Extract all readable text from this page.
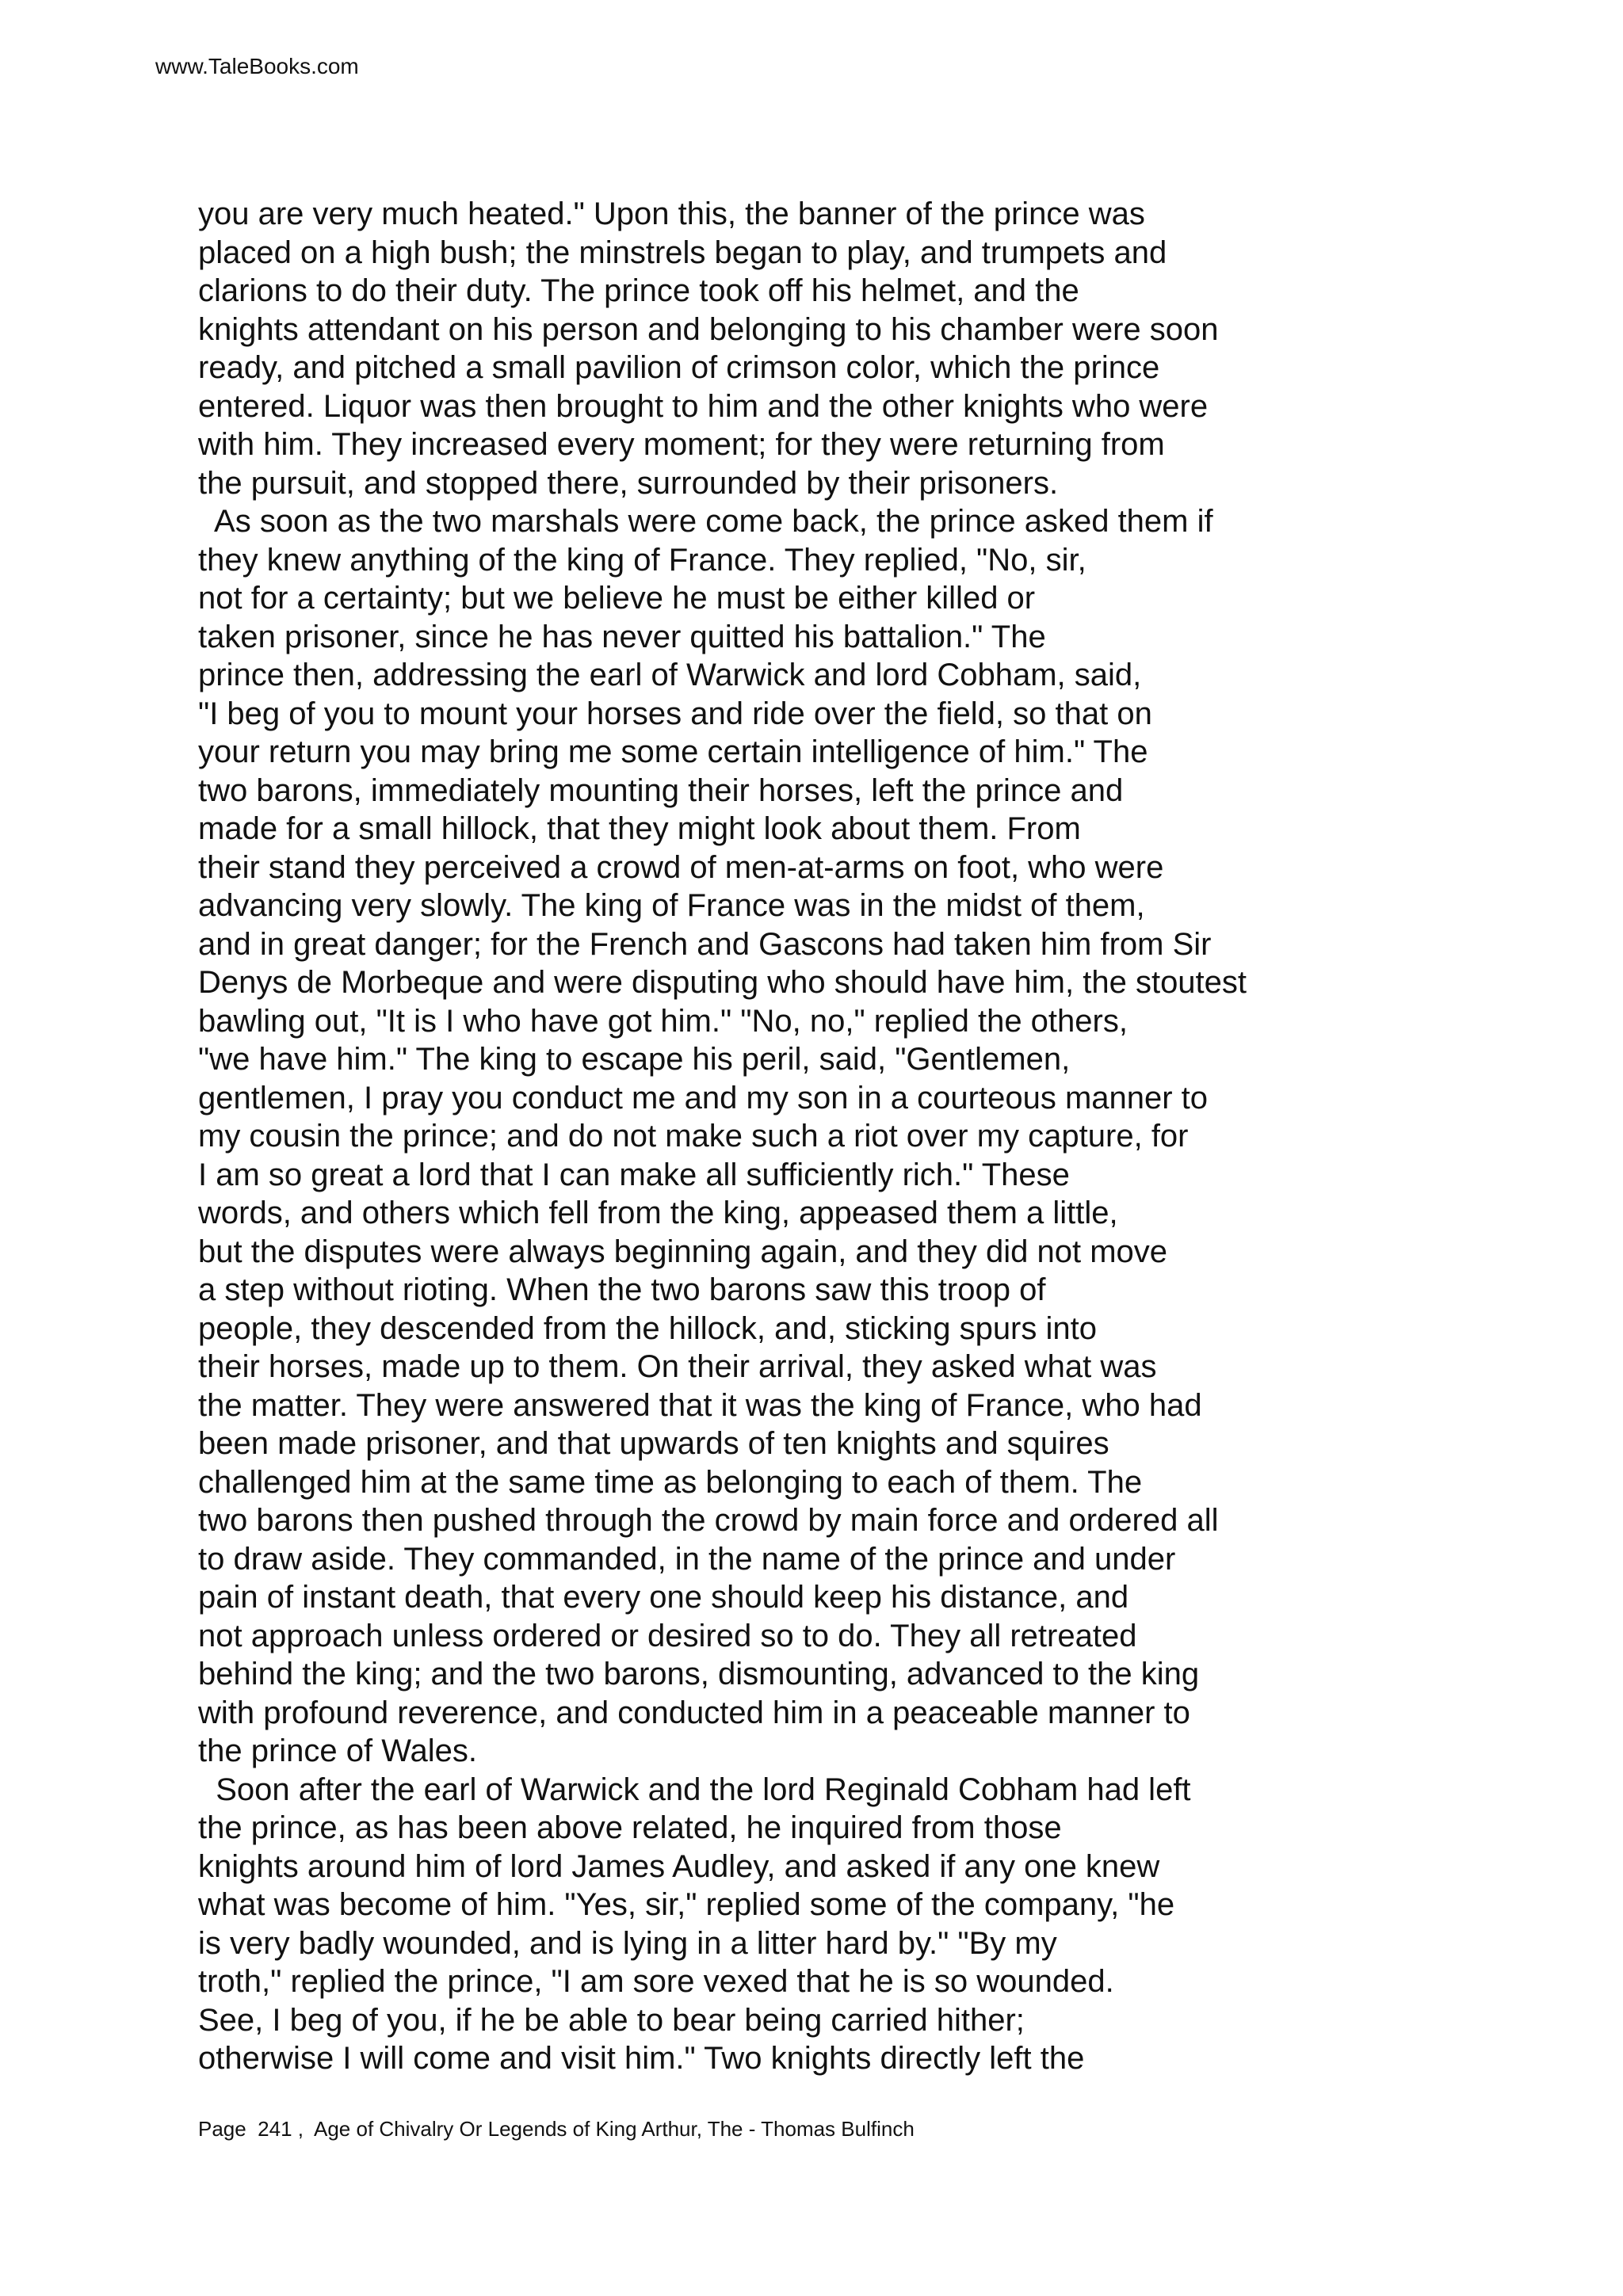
www.TaleBooks.com
you are very much heated." Upon this, the banner of the prince was
placed on a high bush; the minstrels began to play, and trumpets and
clarions to do their duty. The prince took off his helmet, and the
knights attendant on his person and belonging to his chamber were soon
ready, and pitched a small pavilion of crimson color, which the prince
entered. Liquor was then brought to him and the other knights who were
with him. They increased every moment; for they were returning from
the pursuit, and stopped there, surrounded by their prisoners.
As soon as the two marshals were come back, the prince asked them if
they knew anything of the king of France. They replied, "No, sir,
not for a certainty; but we believe he must be either killed or
taken prisoner, since he has never quitted his battalion." The
prince then, addressing the earl of Warwick and lord Cobham, said,
"I beg of you to mount your horses and ride over the field, so that on
your return you may bring me some certain intelligence of him." The
two barons, immediately mounting their horses, left the prince and
made for a small hillock, that they might look about them. From
their stand they perceived a crowd of men-at-arms on foot, who were
advancing very slowly. The king of France was in the midst of them,
and in great danger; for the French and Gascons had taken him from Sir
Denys de Morbeque and were disputing who should have him, the stoutest
bawling out, "It is I who have got him." "No, no," replied the others,
"we have him." The king to escape his peril, said, "Gentlemen,
gentlemen, I pray you conduct me and my son in a courteous manner to
my cousin the prince; and do not make such a riot over my capture, for
I am so great a lord that I can make all sufficiently rich." These
words, and others which fell from the king, appeased them a little,
but the disputes were always beginning again, and they did not move
a step without rioting. When the two barons saw this troop of
people, they descended from the hillock, and, sticking spurs into
their horses, made up to them. On their arrival, they asked what was
the matter. They were answered that it was the king of France, who had
been made prisoner, and that upwards of ten knights and squires
challenged him at the same time as belonging to each of them. The
two barons then pushed through the crowd by main force and ordered all
to draw aside. They commanded, in the name of the prince and under
pain of instant death, that every one should keep his distance, and
not approach unless ordered or desired so to do. They all retreated
behind the king; and the two barons, dismounting, advanced to the king
with profound reverence, and conducted him in a peaceable manner to
the prince of Wales.
Soon after the earl of Warwick and the lord Reginald Cobham had left
the prince, as has been above related, he inquired from those
knights around him of lord James Audley, and asked if any one knew
what was become of him. "Yes, sir," replied some of the company, "he
is very badly wounded, and is lying in a litter hard by." "By my
troth," replied the prince, "I am sore vexed that he is so wounded.
See, I beg of you, if he be able to bear being carried hither;
otherwise I will come and visit him." Two knights directly left the
Page  241 ,  Age of Chivalry Or Legends of King Arthur, The - Thomas Bulfinch
